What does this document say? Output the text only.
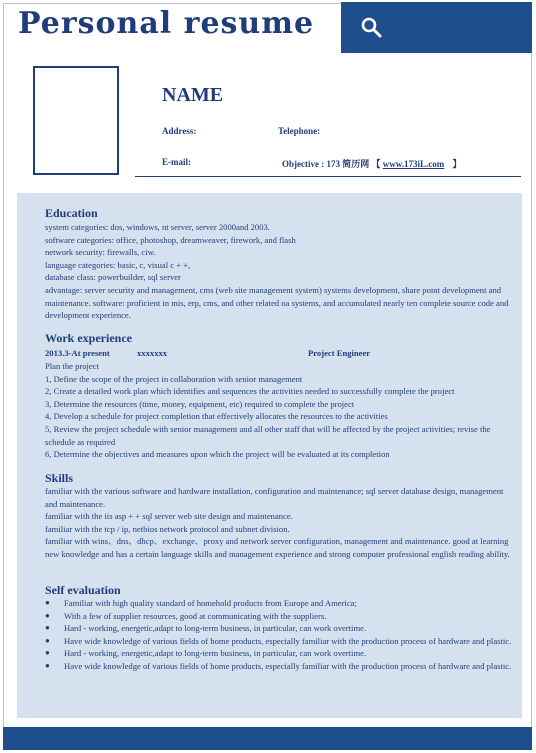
Personal resume
NAME
Address:	Telephone:
E-mail:	Objective : 173 简历网 【 www.173iL.com 】
Education

system categories: dos, windows, nt server, server 2000and 2003.

software categories: office, photoshop, dreamweaver, firework, and flash

network security: firewalls, ciw.

language categories: basic, c, visual c + +,

database class: powerbuilder, sql server

advantage: server security and management, cms (web site management system) systems development, share point development and maintenance. software: proficient in mis, erp, cms, and other related oa systems, and accumulated nearly ten complete source code and development experience.

Work experience
2013.3-At present	xxxxxxx	Project Engineer

Plan the project

1, Define the scope of the project in collaboration with senior management

2, Create a detailed work plan which identifies and sequences the activities needed to successfully complete the project

3, Determine the resources (time, money, equipment, etc) required to complete the project

4, Develop a schedule for project completion that effectively allocates the resources to the activities

5, Review the project schedule with senior management and all other staff that will be affected by the project activities; revise the schedule as required

6, Determine the objectives and measures upon which the project will be evaluated at its completion

Skills

familiar with the various software and hardware installation, configuration and maintenance; sql server database design, management and maintenance.

familiar with the iis asp + + sql server web site design and maintenance.

familiar with the tcp / ip, netbios network protocol and subnet division.

familiar with wins、dns、dhcp、exchange、proxy and network server configuration, management and maintenance. good at learning new knowledge and has a certain language skills and management experience and strong computer professional english reading ability.

Self evaluation
● Familiar with high quality standard of homehold products from Europe and America;
● With a few of supplier resources, good at communicating with the suppliers.
● Hard - working, energetic,adapt to long-term business, in particular, can work overtime.
● Have wide knowledge of various fields of home products, especially familiar with the production process of hardware and plastic.
● Hard - working, energetic,adapt to long-term business, in particular, can work overtime.
● Have wide knowledge of various fields of home products, especially familiar with the production process of hardware and plastic.
